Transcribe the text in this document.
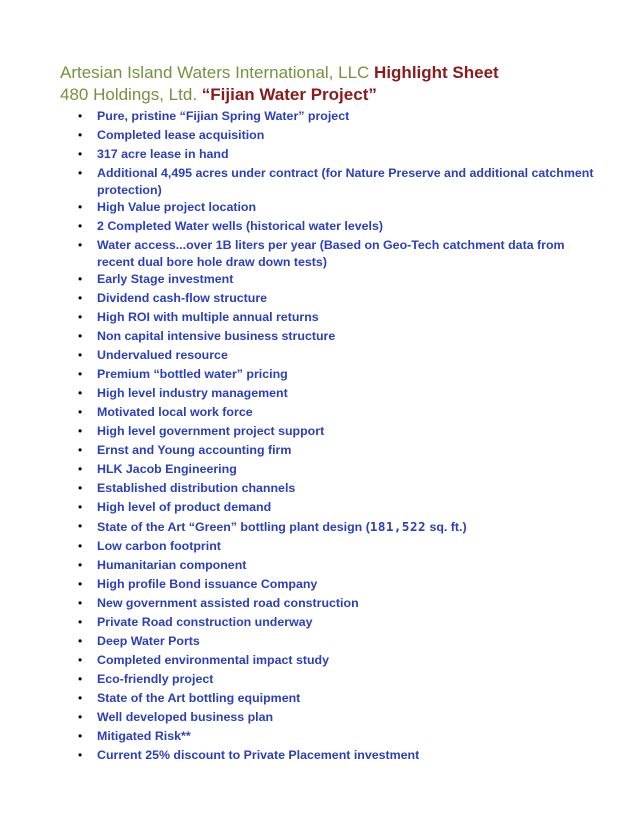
Artesian Island Waters International, LLC Highlight Sheet
480 Holdings, Ltd. “Fijian Water Project”
•	Pure, pristine “Fijian Spring Water” project
•	Completed lease acquisition
•	317 acre lease in hand
•	Additional 4,495 acres under contract (for Nature Preserve and additional catchment
protection)
•	High Value project location
•	2 Completed Water wells (historical water levels)
•	Water access...over 1B liters per year (Based on Geo-Tech catchment data from
recent dual bore hole draw down tests)
•	Early Stage investment
•	Dividend cash-flow structure
•	High ROI with multiple annual returns
•	Non capital intensive business structure
•	Undervalued resource
•	Premium “bottled water” pricing
•	High level industry management
•	Motivated local work force
•	High level government project support
•	Ernst and Young accounting firm
•	HLK Jacob Engineering
•	Established distribution channels
•	High level of product demand
•	State of the Art “Green” bottling plant design (181,522 sq. ft.)
•	Low carbon footprint
•	Humanitarian component
•	High profile Bond issuance Company
•	New government assisted road construction
•	Private Road construction underway
•	Deep Water Ports
•	Completed environmental impact study
•	Eco-friendly project
•	State of the Art bottling equipment
•	Well developed business plan
•	Mitigated Risk**
•	Current 25% discount to Private Placement investment
